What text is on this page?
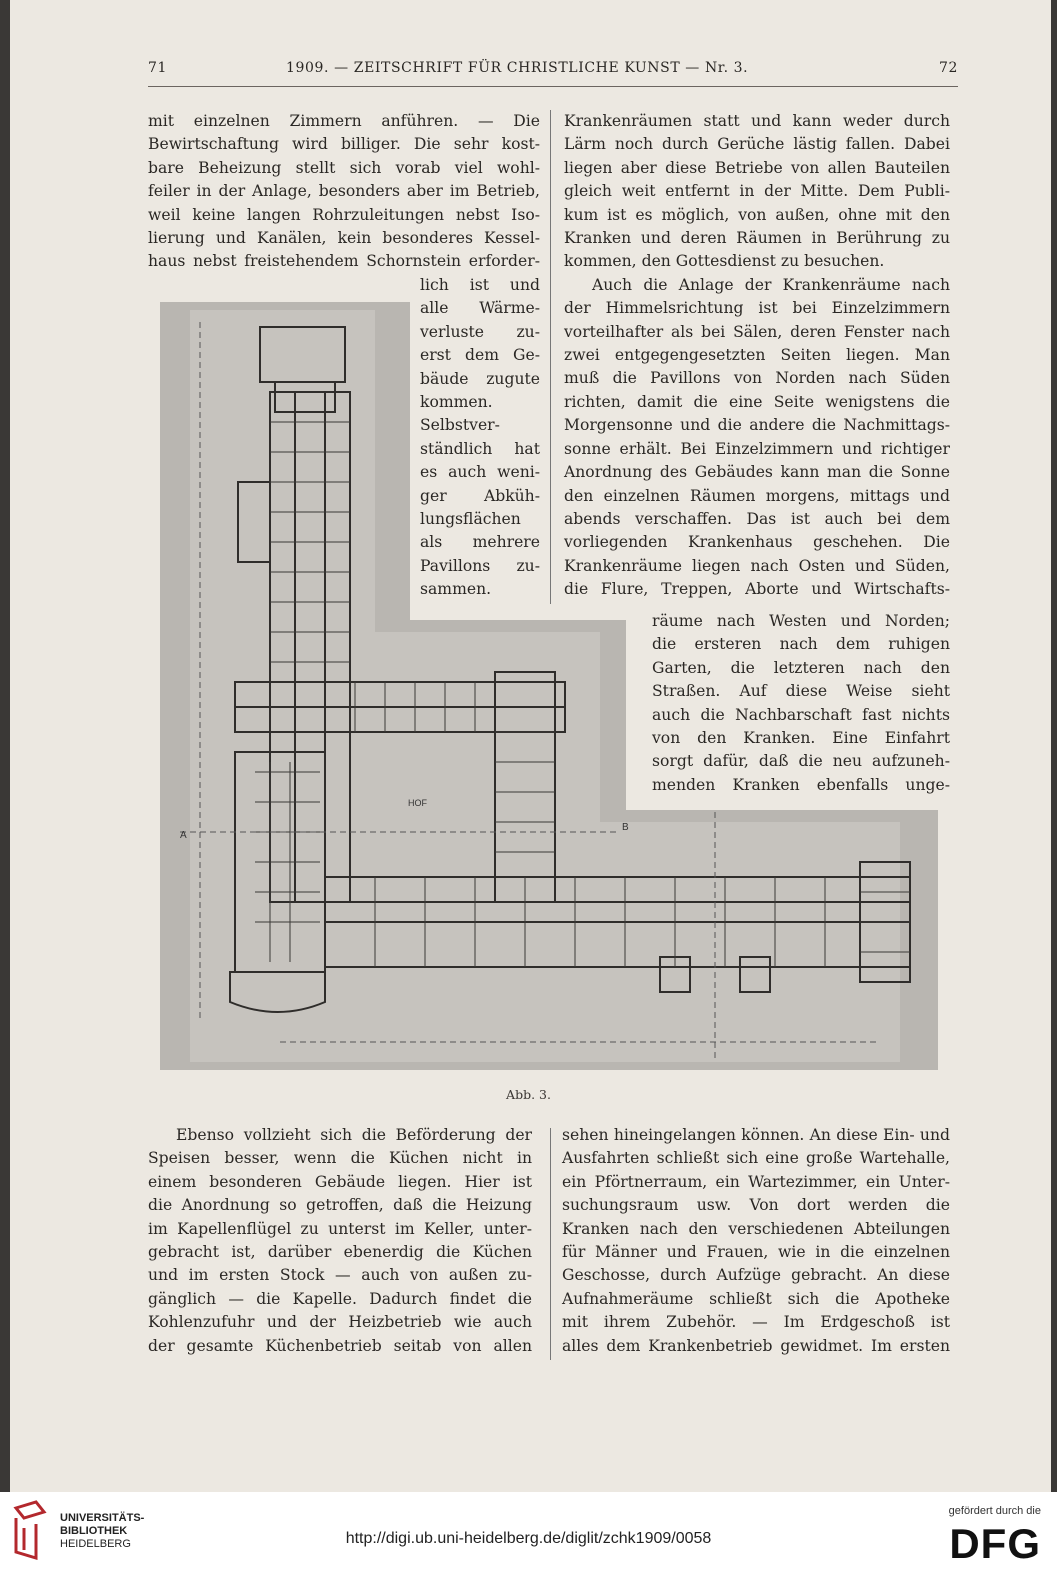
71	1909. — ZEITSCHRIFT FÜR CHRISTLICHE KUNST — Nr. 3.	72
mit einzelnen Zimmern anführen. — Die
Bewirtschaftung wird billiger. Die sehr kost-
bare Beheizung stellt sich vorab viel wohl-
feiler in der Anlage, besonders aber im Betrieb,
weil keine langen Rohrzuleitungen nebst Iso-
lierung und Kanälen, kein besonderes Kessel-
haus nebst freistehendem Schornstein erforder-
lich ist und
alle Wärme-
verluste zu-
erst dem Ge-
bäude zugute
kommen.
Selbstver-
ständlich hat
es auch weni-
ger Abküh-
lungsflächen
als mehrere
Pavillons zu-
sammen.
Krankenräumen statt und kann weder durch
Lärm noch durch Gerüche lästig fallen. Dabei
liegen aber diese Betriebe von allen Bauteilen
gleich weit entfernt in der Mitte. Dem Publi-
kum ist es möglich, von außen, ohne mit den
Kranken und deren Räumen in Berührung zu
kommen, den Gottesdienst zu besuchen.
Auch die Anlage der Krankenräume nach
der Himmelsrichtung ist bei Einzelzimmern
vorteilhafter als bei Sälen, deren Fenster nach
zwei entgegengesetzten Seiten liegen. Man
muß die Pavillons von Norden nach Süden
richten, damit die eine Seite wenigstens die
Morgensonne und die andere die Nachmittags-
sonne erhält. Bei Einzelzimmern und richtiger
Anordnung des Gebäudes kann man die Sonne
den einzelnen Räumen morgens, mittags und
abends verschaffen. Das ist auch bei dem
vorliegenden Krankenhaus geschehen. Die
Krankenräume liegen nach Osten und Süden,
die Flure, Treppen, Aborte und Wirtschafts-
räume nach Westen und Norden;
die ersteren nach dem ruhigen
Garten, die letzteren nach den
Straßen. Auf diese Weise sieht
auch die Nachbarschaft fast nichts
von den Kranken. Eine Einfahrt
sorgt dafür, daß die neu aufzuneh-
menden Kranken ebenfalls unge-
HOF
B
A
Abb. 3.
Ebenso vollzieht sich die Beförderung der
Speisen besser, wenn die Küchen nicht in
einem besonderen Gebäude liegen. Hier ist
die Anordnung so getroffen, daß die Heizung
im Kapellenflügel zu unterst im Keller, unter-
gebracht ist, darüber ebenerdig die Küchen
und im ersten Stock — auch von außen zu-
gänglich — die Kapelle. Dadurch findet die
Kohlenzufuhr und der Heizbetrieb wie auch
der gesamte Küchenbetrieb seitab von allen
sehen hineingelangen können. An diese Ein- und
Ausfahrten schließt sich eine große Wartehalle,
ein Pförtnerraum, ein Wartezimmer, ein Unter-
suchungsraum usw. Von dort werden die
Kranken nach den verschiedenen Abteilungen
für Männer und Frauen, wie in die einzelnen
Geschosse, durch Aufzüge gebracht. An diese
Aufnahmeräume schließt sich die Apotheke
mit ihrem Zubehör. — Im Erdgeschoß ist
alles dem Krankenbetrieb gewidmet. Im ersten
UNIVERSITÄTS-
BIBLIOTHEK
HEIDELBERG	http://digi.ub.uni-heidelberg.de/diglit/zchk1909/0058
gefördert durch die
DFG
